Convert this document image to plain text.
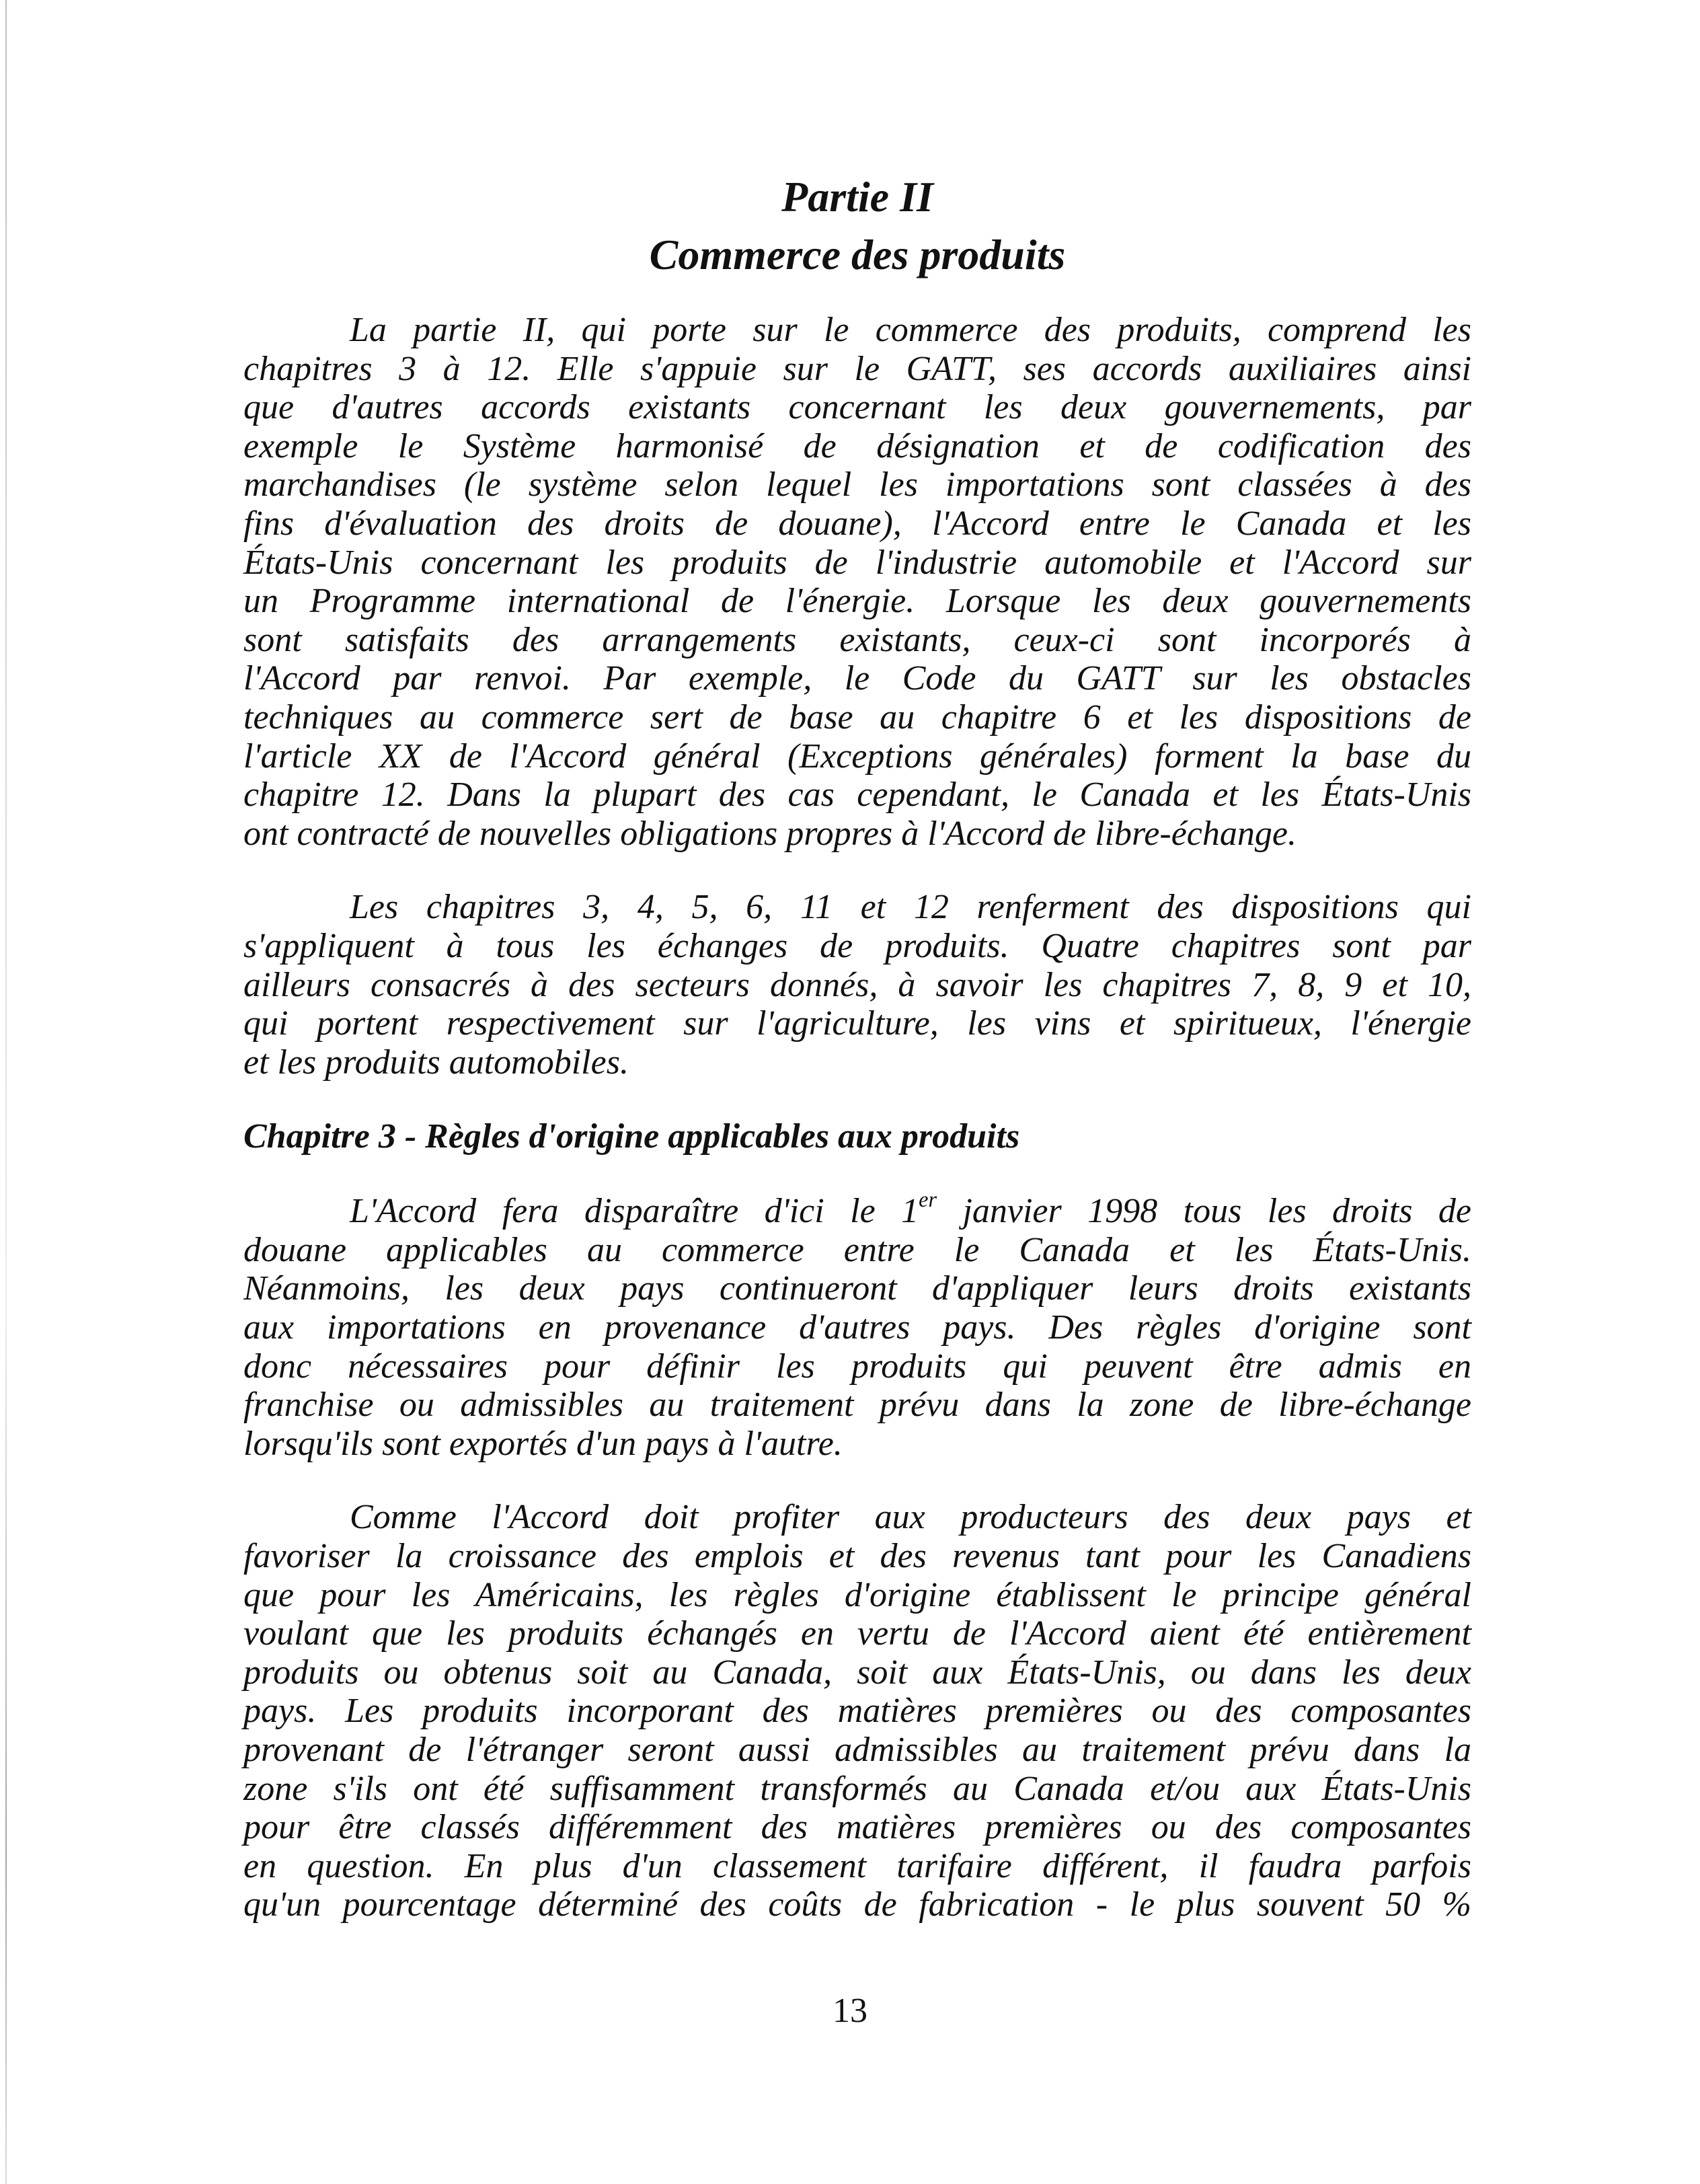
Partie II
Commerce des produits
La partie II, qui porte sur le commerce des produits, comprend les
chapitres 3 à 12. Elle s'appuie sur le GATT, ses accords auxiliaires ainsi
que d'autres accords existants concernant les deux gouvernements, par
exemple le Système harmonisé de désignation et de codification des
marchandises (le système selon lequel les importations sont classées à des
fins d'évaluation des droits de douane), l'Accord entre le Canada et les
États-Unis concernant les produits de l'industrie automobile et l'Accord sur
un Programme international de l'énergie. Lorsque les deux gouvernements
sont satisfaits des arrangements existants, ceux-ci sont incorporés à
l'Accord par renvoi. Par exemple, le Code du GATT sur les obstacles
techniques au commerce sert de base au chapitre 6 et les dispositions de
l'article XX de l'Accord général (Exceptions générales) forment la base du
chapitre 12. Dans la plupart des cas cependant, le Canada et les États-Unis
ont contracté de nouvelles obligations propres à l'Accord de libre-échange.
Les chapitres 3, 4, 5, 6, 11 et 12 renferment des dispositions qui
s'appliquent à tous les échanges de produits. Quatre chapitres sont par
ailleurs consacrés à des secteurs donnés, à savoir les chapitres 7, 8, 9 et 10,
qui portent respectivement sur l'agriculture, les vins et spiritueux, l'énergie
et les produits automobiles.
Chapitre 3 - Règles d'origine applicables aux produits
L'Accord fera disparaître d'ici le 1er janvier 1998 tous les droits de
douane applicables au commerce entre le Canada et les États-Unis.
Néanmoins, les deux pays continueront d'appliquer leurs droits existants
aux importations en provenance d'autres pays. Des règles d'origine sont
donc nécessaires pour définir les produits qui peuvent être admis en
franchise ou admissibles au traitement prévu dans la zone de libre-échange
lorsqu'ils sont exportés d'un pays à l'autre.
Comme l'Accord doit profiter aux producteurs des deux pays et
favoriser la croissance des emplois et des revenus tant pour les Canadiens
que pour les Américains, les règles d'origine établissent le principe général
voulant que les produits échangés en vertu de l'Accord aient été entièrement
produits ou obtenus soit au Canada, soit aux États-Unis, ou dans les deux
pays. Les produits incorporant des matières premières ou des composantes
provenant de l'étranger seront aussi admissibles au traitement prévu dans la
zone s'ils ont été suffisamment transformés au Canada et/ou aux États-Unis
pour être classés différemment des matières premières ou des composantes
en question. En plus d'un classement tarifaire différent, il faudra parfois
qu'un pourcentage déterminé des coûts de fabrication - le plus souvent 50 %
13
